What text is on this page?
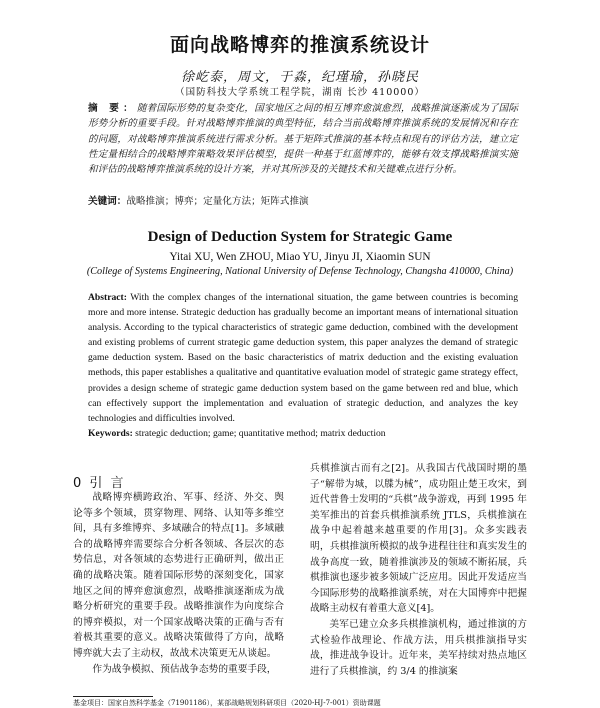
面向战略博弈的推演系统设计
徐屹泰，周文，于淼，纪瑾瑜，孙晓民
（国防科技大学系统工程学院，湖南 长沙 410000）
摘 要：随着国际形势的复杂变化，国家地区之间的相互博弈愈演愈烈，战略推演逐渐成为了国际形势分析的重要手段。针对战略博弈推演的典型特征，结合当前战略博弈推演系统的发展情况和存在的问题，对战略博弈推演系统进行需求分析。基于矩阵式推演的基本特点和现有的评估方法，建立定性定量相结合的战略博弈策略效果评估模型，提供一种基于红蓝博弈的，能够有效支撑战略推演实施和评估的战略博弈推演系统的设计方案，并对其所涉及的关键技术和关键难点进行分析。
关键词：战略推演；博弈；定量化方法；矩阵式推演
Design of Deduction System for Strategic Game
Yitai XU, Wen ZHOU, Miao YU, Jinyu JI, Xiaomin SUN
(College of Systems Engineering, National University of Defense Technology, Changsha 410000, China)
Abstract: With the complex changes of the international situation, the game between countries is becoming more and more intense. Strategic deduction has gradually become an important means of international situation analysis. According to the typical characteristics of strategic game deduction, combined with the development and existing problems of current strategic game deduction system, this paper analyzes the demand of strategic game deduction system. Based on the basic characteristics of matrix deduction and the existing evaluation methods, this paper establishes a qualitative and quantitative evaluation model of strategic game strategy effect, provides a design scheme of strategic game deduction system based on the game between red and blue, which can effectively support the implementation and evaluation of strategic deduction, and analyzes the key technologies and difficulties involved.
Keywords: strategic deduction; game; quantitative method; matrix deduction
0 引 言

战略博弈横跨政治、军事、经济、外交、舆论等多个领域，贯穿物理、网络、认知等多维空间，具有多维博弈、多域融合的特点[1]。多域融合的战略博弈需要综合分析各领域、各层次的态势信息，对各领域的态势进行正确研判，做出正确的战略决策。随着国际形势的深刻变化，国家地区之间的博弈愈演愈烈，战略推演逐渐成为战略分析研究的重要手段。战略推演作为向度综合的博弈模拟，对一个国家战略决策的正确与否有着极其重要的意义。战略决策做得了方向，战略博弈就大去了主动权，故战术决策更无从谈起。

作为战争模拟、预估战争态势的重要手段，

兵棋推演古而有之[2]。从我国古代战国时期的墨子“解带为城，以牒为械”，成功阻止楚王攻宋，到近代普鲁士发明的“兵棋”战争游戏，再到 1995 年美军推出的首套兵棋推演系统 JTLS，兵棋推演在战争中起着越来越重要的作用[3]。众多实践表明，兵棋推演所模拟的战争进程往往和真实发生的战争高度一致，随着推演涉及的领域不断拓展，兵棋推演也逐步被多领域广泛应用。因此开发适应当今国际形势的战略推演系统，对在大国博弈中把握战略主动权有着重大意义[4]。

美军已建立众多兵棋推演机构，通过推演的方式检验作战理论、作战方法，用兵棋推演指导实战，推进战争设计。近年来，美军持续对热点地区进行了兵棋推演，约 3/4 的推演案

基金项目：国家自然科学基金（71901186），某部战略规划科研项目（2020-HJ-7-001）资助课题
